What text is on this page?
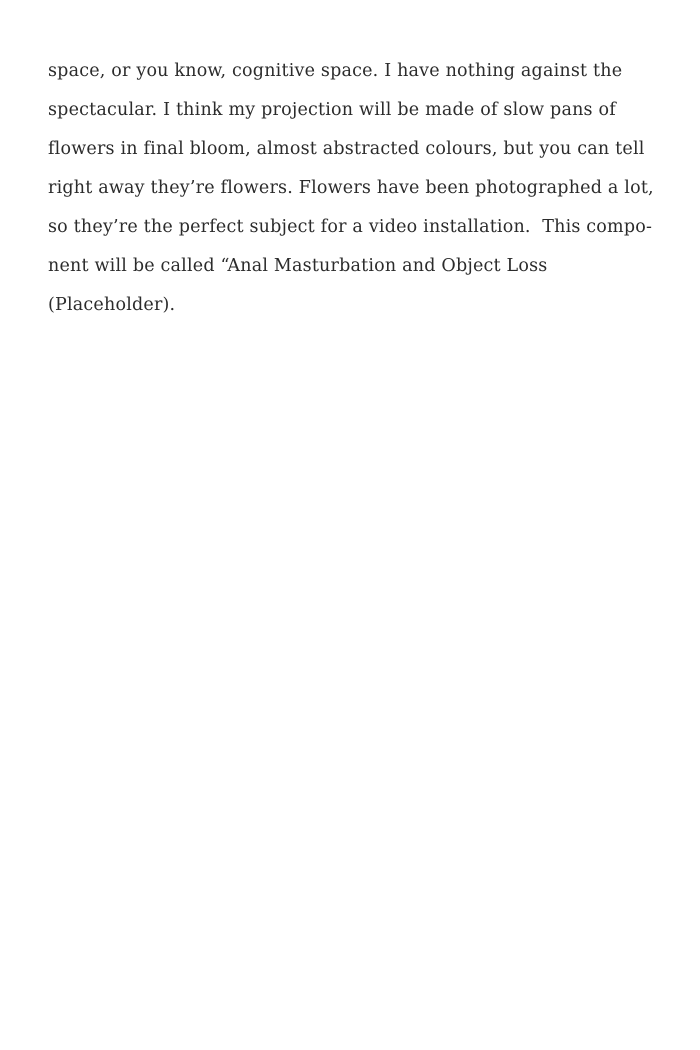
space, or you know, cognitive space. I have nothing against the
spectacular. I think my projection will be made of slow pans of
flowers in final bloom, almost abstracted colours, but you can tell
right away they’re flowers. Flowers have been photographed a lot,
so they’re the perfect subject for a video installation.  This compo-
nent will be called “Anal Masturbation and Object Loss
(Placeholder).
